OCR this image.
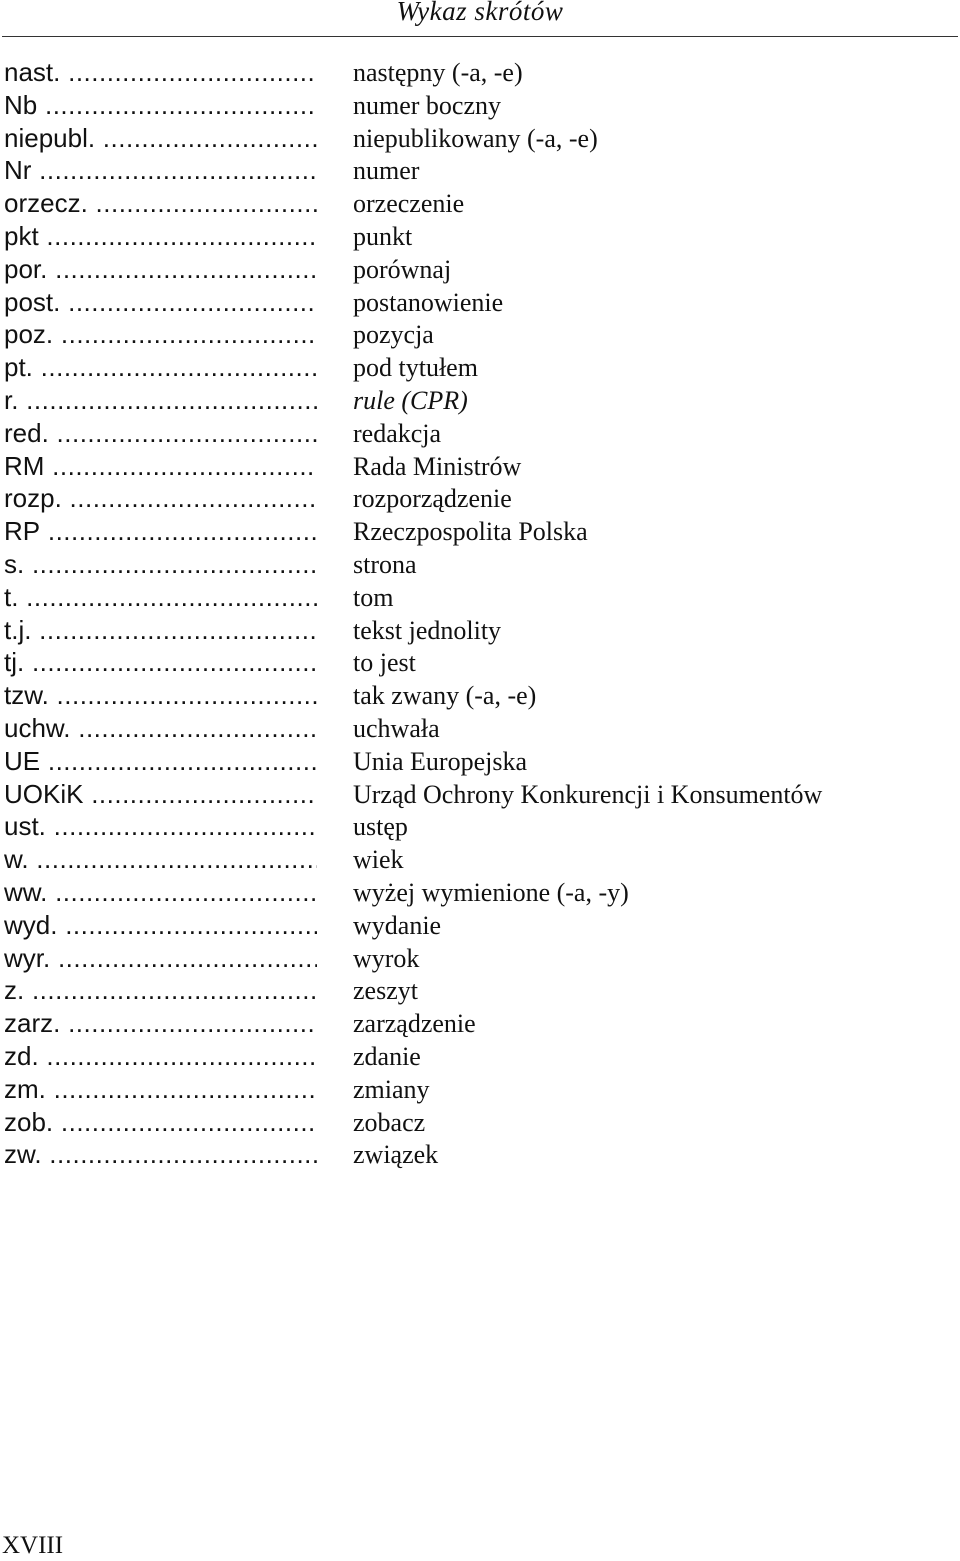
Wykaz skrótów
nast. .....	następny (-a, -e)
Nb .....	numer boczny
niepubl. .....	niepublikowany (-a, -e)
Nr .....	numer
orzecz. .....	orzeczenie
pkt .....	punkt
por. .....	porównaj
post. .....	postanowienie
poz. .....	pozycja
pt. .....	pod tytułem
r. .....	rule (CPR)
red. .....	redakcja
RM .....	Rada Ministrów
rozp. .....	rozporządzenie
RP .....	Rzeczpospolita Polska
s. .....	strona
t. .....	tom
t.j. .....	tekst jednolity
tj. .....	to jest
tzw. .....	tak zwany (-a, -e)
uchw. .....	uchwała
UE .....	Unia Europejska
UOKiK .....	Urząd Ochrony Konkurencji i Konsumentów
ust. .....	ustęp
w. .....	wiek
ww. .....	wyżej wymienione (-a, -y)
wyd. .....	wydanie
wyr. .....	wyrok
z. .....	zeszyt
zarz. .....	zarządzenie
zd. .....	zdanie
zm. .....	zmiany
zob. .....	zobacz
zw. .....	związek
XVIII
